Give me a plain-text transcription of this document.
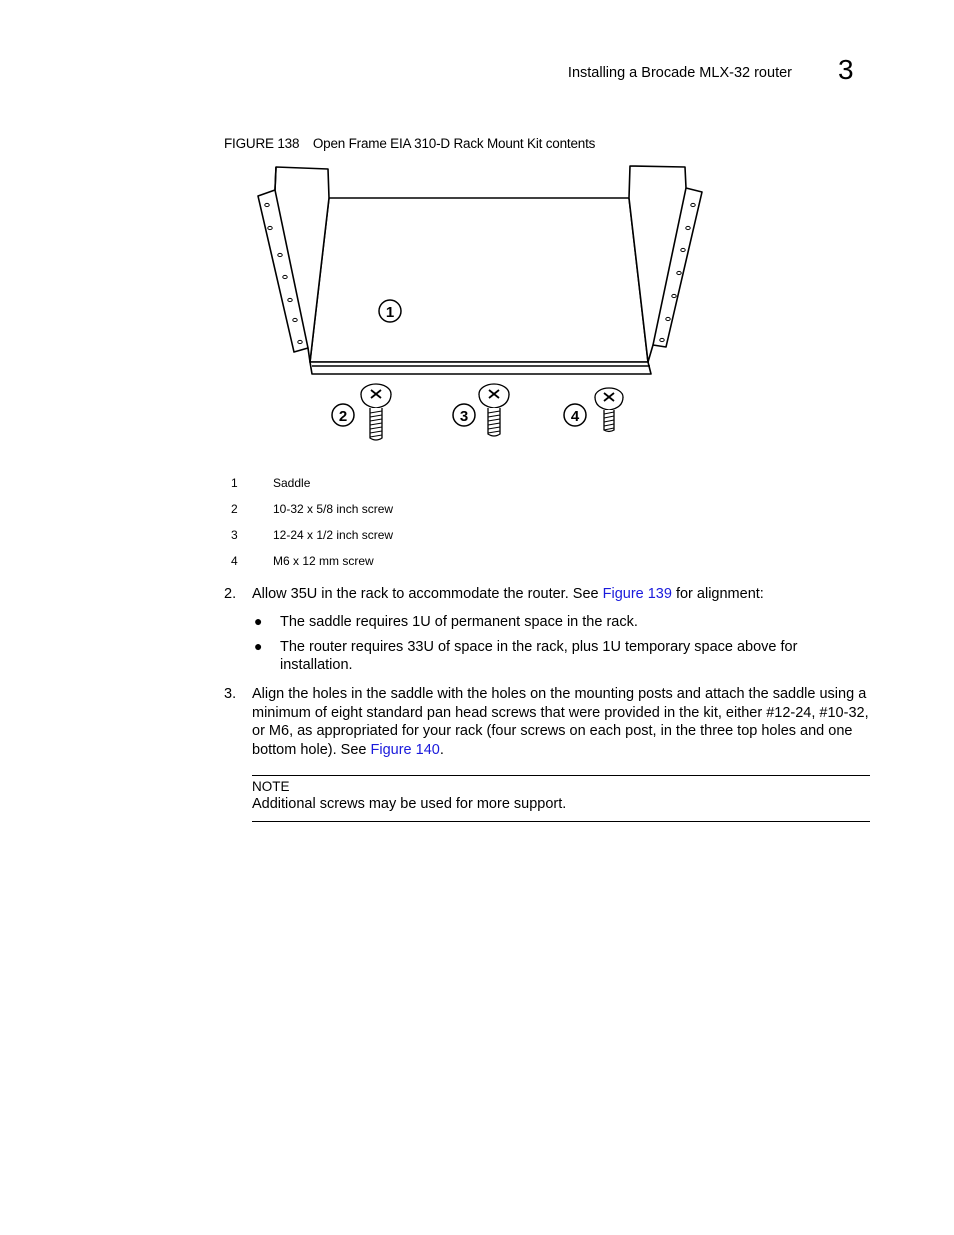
Installing a Brocade MLX-32 router 3
FIGURE 138 Open Frame EIA 310-D Rack Mount Kit contents
1
2	3	4
1	Saddle
2	10-32 x 5/8 inch screw
3	12-24 x 1/2 inch screw
4	M6 x 12 mm screw
2. Allow 35U in the rack to accommodate the router. See Figure 139 for alignment:
● The saddle requires 1U of permanent space in the rack.
● The router requires 33U of space in the rack, plus 1U temporary space above for installation.
3. Align the holes in the saddle with the holes on the mounting posts and attach the saddle using a minimum of eight standard pan head screws that were provided in the kit, either #12-24, #10-32, or M6, as appropriated for your rack (four screws on each post, in the three top holes and one bottom hole). See Figure 140.
NOTE
Additional screws may be used for more support.
